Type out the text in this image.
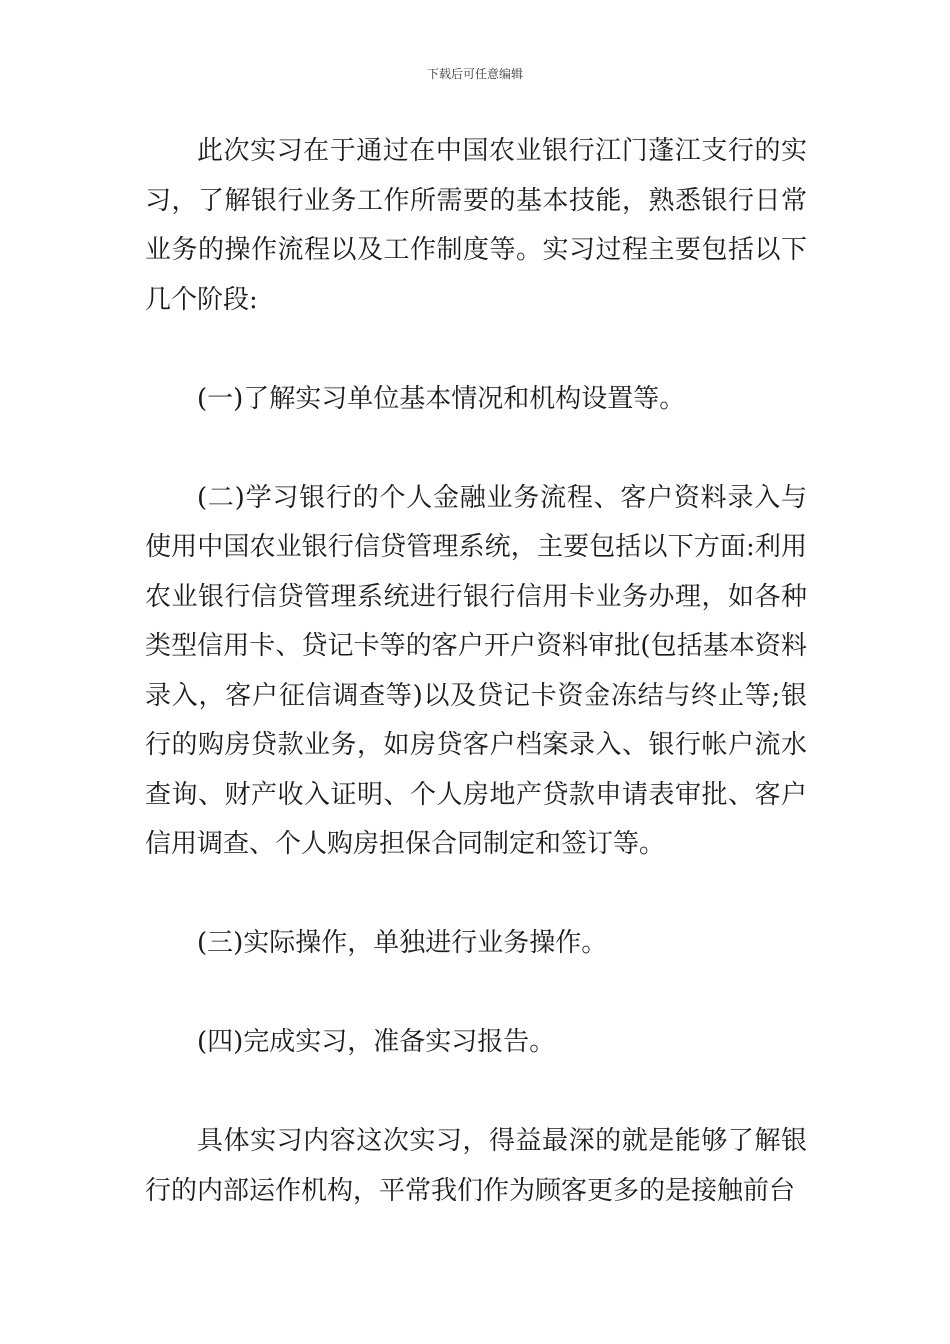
下载后可任意编辑

此次实习在于通过在中国农业银行江门蓬江支行的实习，了解银行业务工作所需要的基本技能，熟悉银行日常业务的操作流程以及工作制度等。实习过程主要包括以下几个阶段:

(一)了解实习单位基本情况和机构设置等。

(二)学习银行的个人金融业务流程、客户资料录入与使用中国农业银行信贷管理系统，主要包括以下方面:利用农业银行信贷管理系统进行银行信用卡业务办理，如各种类型信用卡、贷记卡等的客户开户资料审批(包括基本资料录入，客户征信调查等)以及贷记卡资金冻结与终止等;银行的购房贷款业务，如房贷客户档案录入、银行帐户流水查询、财产收入证明、个人房地产贷款申请表审批、客户信用调查、个人购房担保合同制定和签订等。

(三)实际操作，单独进行业务操作。

(四)完成实习，准备实习报告。

具体实习内容这次实习，得益最深的就是能够了解银行的内部运作机构，平常我们作为顾客更多的是接触前台
